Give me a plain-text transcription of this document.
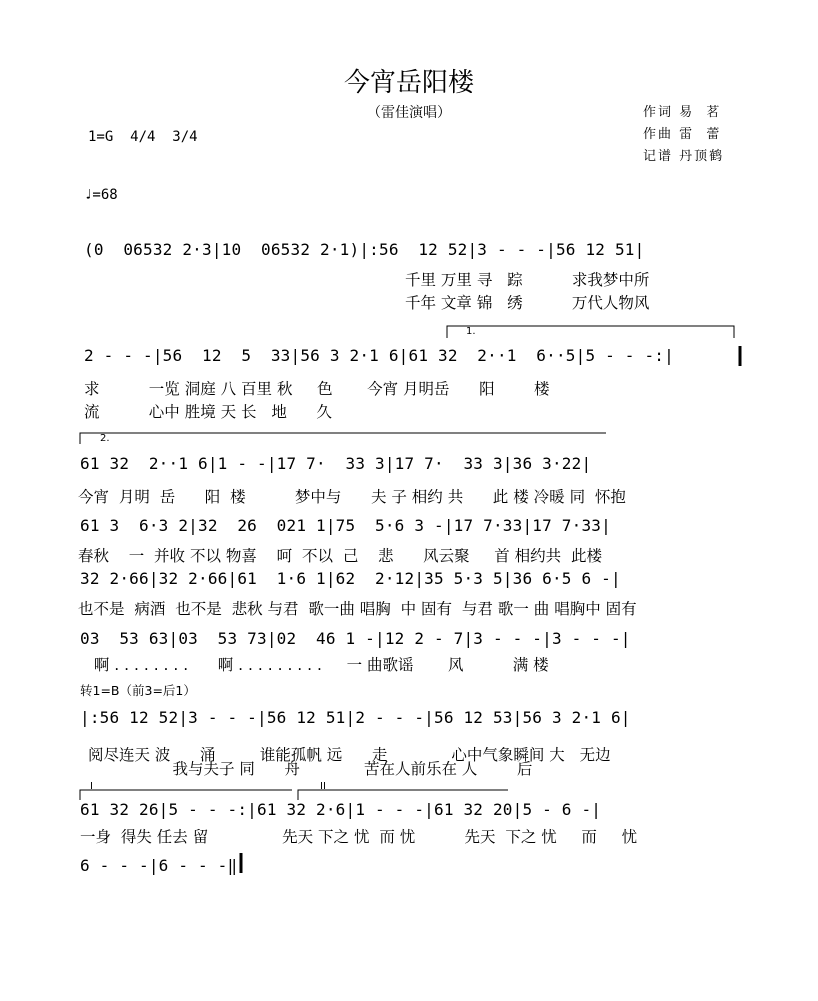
今宵岳阳楼
（雷佳演唱）	作词 易  茗
作曲 雷  蕾
记谱 丹顶鹤
1=G  4/4  3/4
♩=68
1.
2.
I	II
(0  06532 2·3|10  06532 2·1)|:56  12 52|3 - - -|56 12 51|
千里 万里 寻   踪          求我梦中所
千年 文章 锦   绣          万代人物风
2 - - -|56  12  5  33|56 3 2·1 6|61 32  2··1  6··5|5 - - -:|
求          一览 洞庭 八 百里 秋     色       今宵 月明岳      阳        楼
流          心中 胜境 天 长   地      久
61 32  2··1 6|1 - -|17 7·  33 3|17 7·  33 3|36 3·22|
今宵  月明  岳      阳  楼          梦中与      夫 子 相约 共      此 楼 冷暖 同  怀抱
61 3  6·3 2|32  26  021 1|75  5·6 3 -|17 7·33|17 7·33|
春秋    一  并收 不以 物喜    呵  不以  己    悲      风云聚     首 相约共  此楼
32 2·66|32 2·66|61  1·6 1|62  2·12|35 5·3 5|36 6·5 6 -|
也不是  病酒  也不是  悲秋 与君  歌一曲 唱胸  中 固有  与君 歌一 曲 唱胸中 固有
03  53 63|03  53 73|02  46 1 -|12 2 - 7|3 - - -|3 - - -|
啊 . . . . . . . .      啊 . . . . . . . . .     一 曲歌谣       风          满 楼
转1=B（前3=后1）
|:56 12 52|3 - - -|56 12 51|2 - - -|56 12 53|56 3 2·1 6|
阅尽连天 波      涌         谁能孤帆 远      走             心中气象瞬间 大   无边
我与夫子 同      舟             苦在人前乐在 人        后
61 32 26|5 - - -:|61 32 2·6|1 - - -|61 32 20|5 - 6 -|
一身  得失 任去 留               先天 下之 忧  而 忧          先天  下之 忧     而     忧
6 - - -|6 - - -‖
